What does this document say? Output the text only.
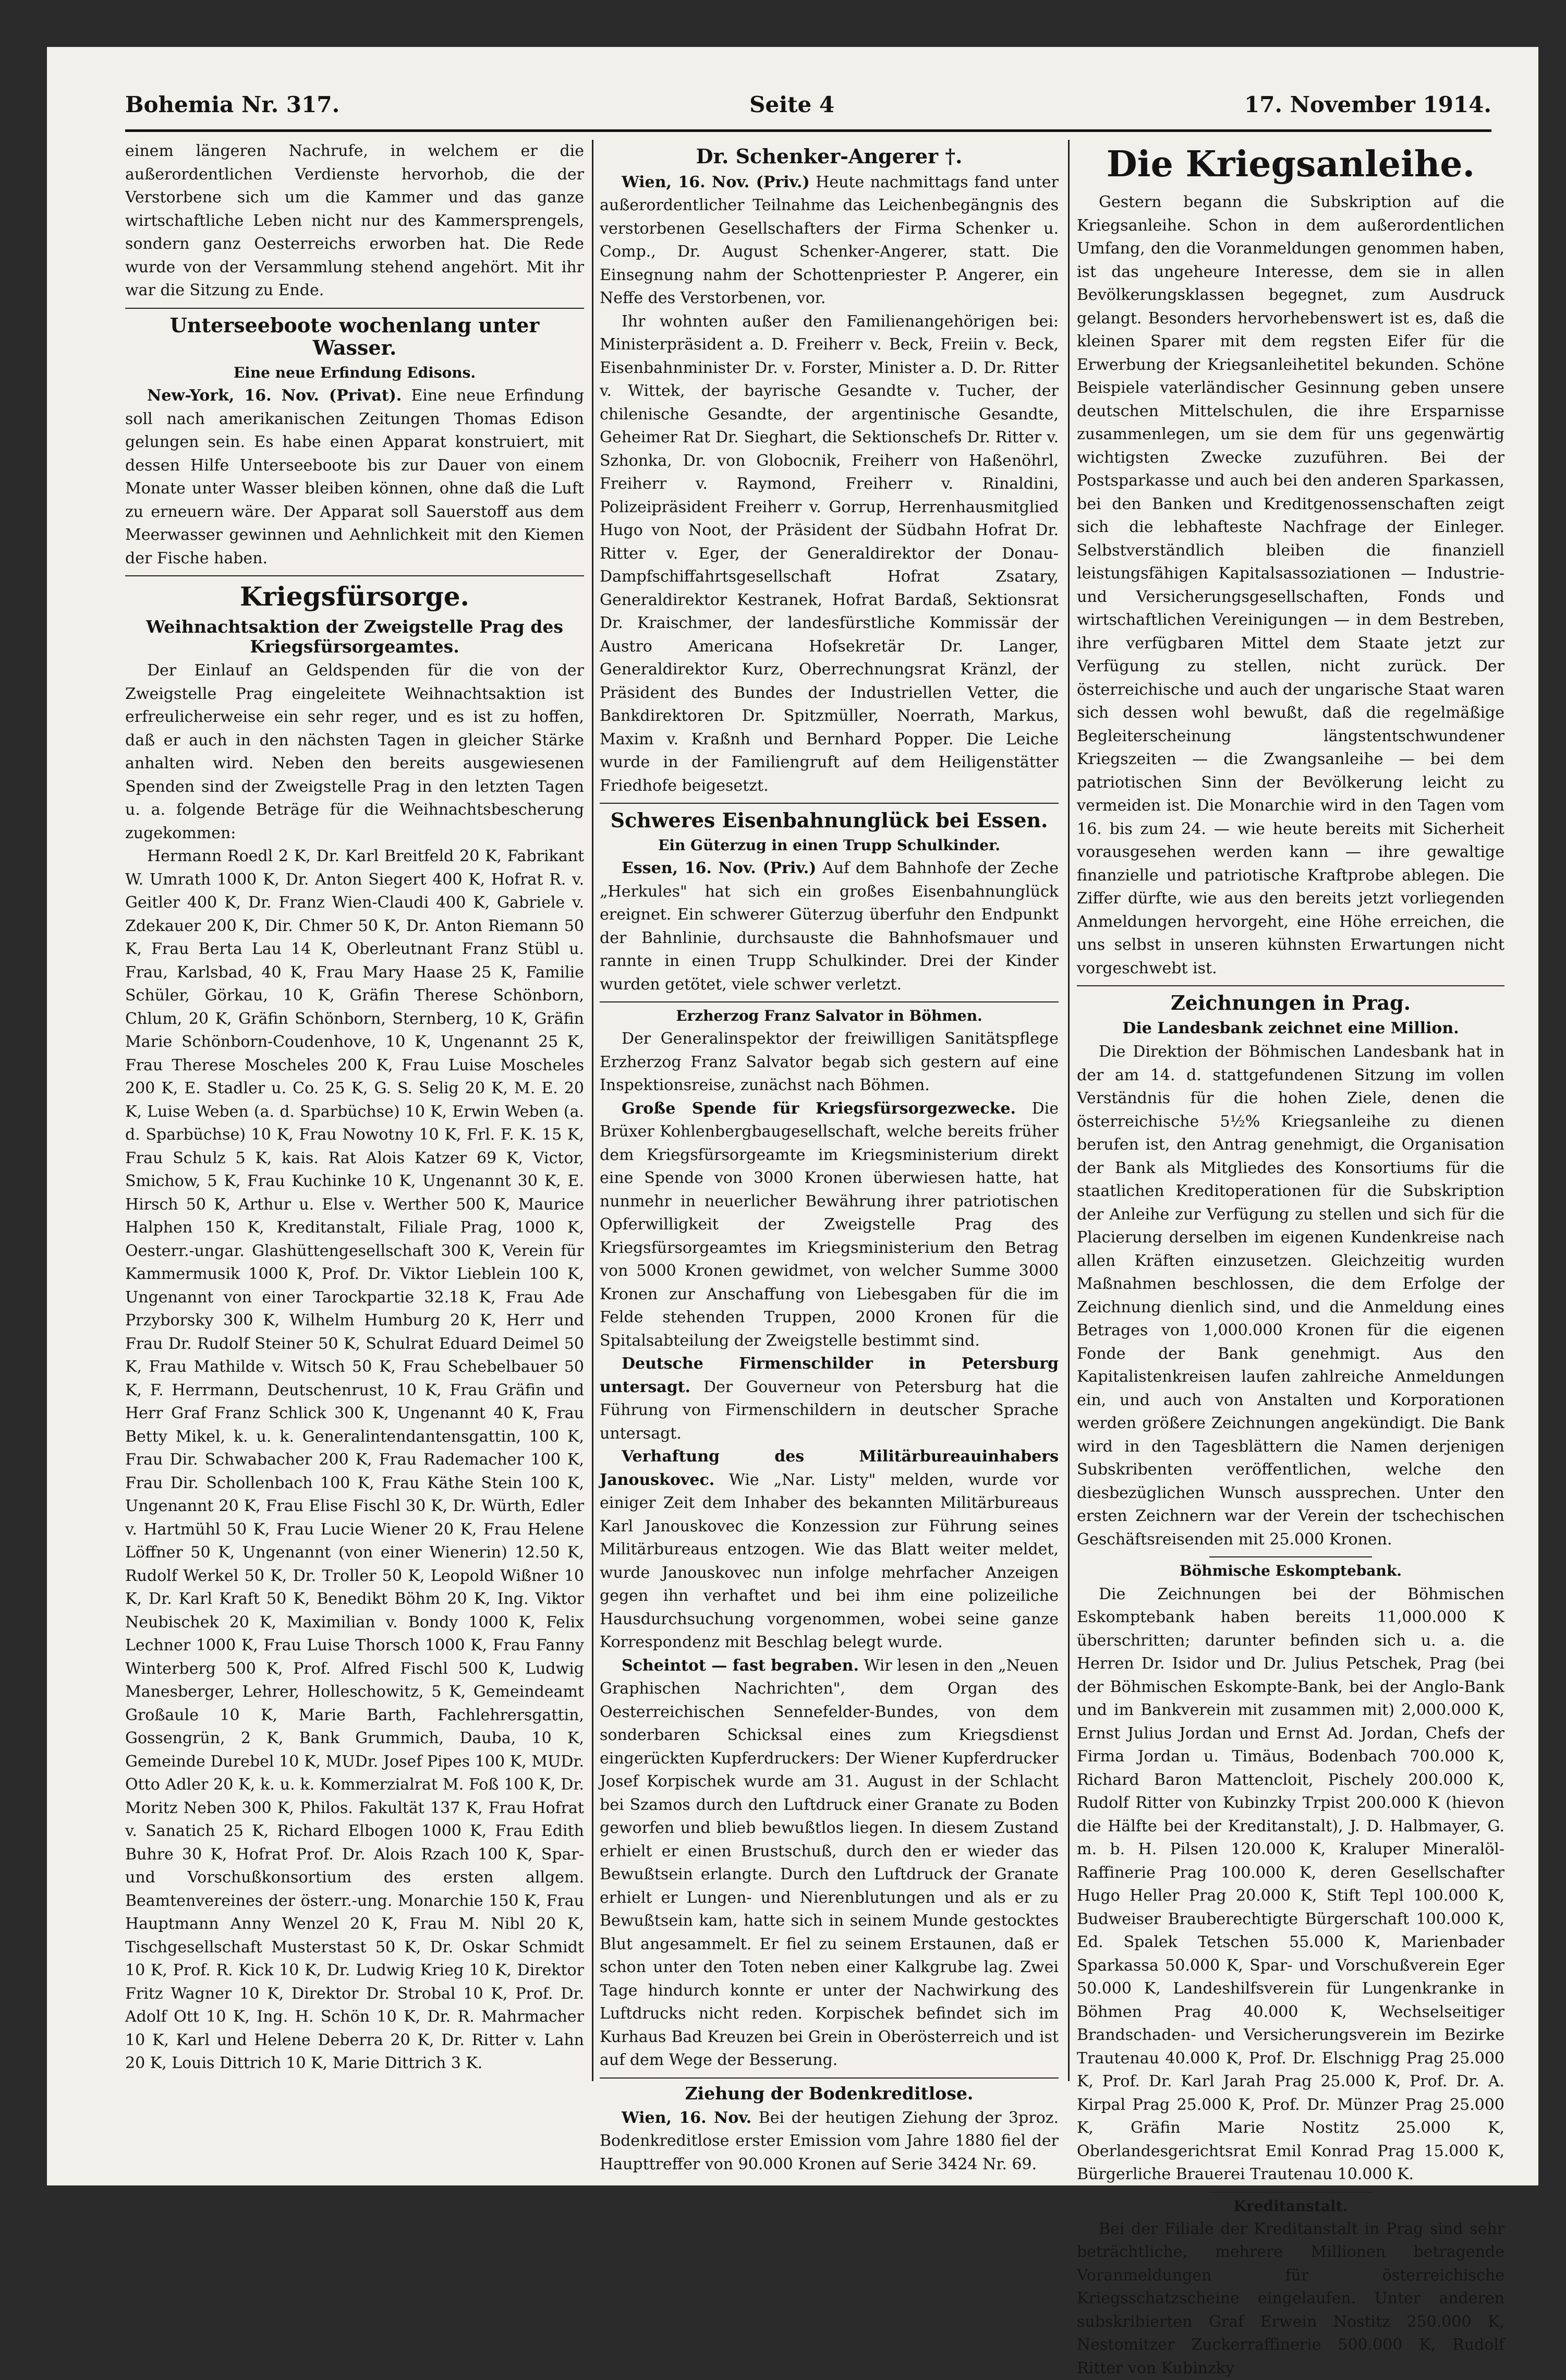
Bohemia Nr. 317.	Seite 4	17. November 1914.

einem längeren Nachrufe, in welchem er die außerordentlichen Verdienste hervorhob, die der Verstorbene sich um die Kammer und das ganze wirtschaftliche Leben nicht nur des Kammersprengels, sondern ganz Oesterreichs erworben hat. Die Rede wurde von der Versammlung stehend angehört. Mit ihr war die Sitzung zu Ende.

Unterseeboote wochenlang unter Wasser.
Eine neue Erfindung Edisons.

New-York, 16. Nov. (Privat). Eine neue Erfindung soll nach amerikanischen Zeitungen Thomas Edison gelungen sein. Es habe einen Apparat konstruiert, mit dessen Hilfe Unterseeboote bis zur Dauer von einem Monate unter Wasser bleiben können, ohne daß die Luft zu erneuern wäre. Der Apparat soll Sauerstoff aus dem Meerwasser gewinnen und Aehnlichkeit mit den Kiemen der Fische haben.

Kriegsfürsorge.
Weihnachtsaktion der Zweigstelle Prag des Kriegsfürsorgeamtes.

Der Einlauf an Geldspenden für die von der Zweigstelle Prag eingeleitete Weihnachtsaktion ist erfreulicherweise ein sehr reger, und es ist zu hoffen, daß er auch in den nächsten Tagen in gleicher Stärke anhalten wird. Neben den bereits ausgewiesenen Spenden sind der Zweigstelle Prag in den letzten Tagen u. a. folgende Beträge für die Weihnachtsbescherung zugekommen:

Hermann Roedl 2 K, Dr. Karl Breitfeld 20 K, Fabrikant W. Umrath 1000 K, Dr. Anton Siegert 400 K, Hofrat R. v. Geitler 400 K, Dr. Franz Wien-Claudi 400 K, Gabriele v. Zdekauer 200 K, Dir. Chmer 50 K, Dr. Anton Riemann 50 K, Frau Berta Lau 14 K, Oberleutnant Franz Stübl u. Frau, Karlsbad, 40 K, Frau Mary Haase 25 K, Familie Schüler, Görkau, 10 K, Gräfin Therese Schönborn, Chlum, 20 K, Gräfin Schönborn, Sternberg, 10 K, Gräfin Marie Schönborn-Coudenhove, 10 K, Ungenannt 25 K, Frau Therese Moscheles 200 K, Frau Luise Moscheles 200 K, E. Stadler u. Co. 25 K, G. S. Selig 20 K, M. E. 20 K, Luise Weben (a. d. Sparbüchse) 10 K, Erwin Weben (a. d. Sparbüchse) 10 K, Frau Nowotny 10 K, Frl. F. K. 15 K, Frau Schulz 5 K, kais. Rat Alois Katzer 69 K, Victor, Smichow, 5 K, Frau Kuchinke 10 K, Ungenannt 30 K, E. Hirsch 50 K, Arthur u. Else v. Werther 500 K, Maurice Halphen 150 K, Kreditanstalt, Filiale Prag, 1000 K, Oesterr.-ungar. Glashüttengesellschaft 300 K, Verein für Kammermusik 1000 K, Prof. Dr. Viktor Lieblein 100 K, Ungenannt von einer Tarockpartie 32.18 K, Frau Ade Przyborsky 300 K, Wilhelm Humburg 20 K, Herr und Frau Dr. Rudolf Steiner 50 K, Schulrat Eduard Deimel 50 K, Frau Mathilde v. Witsch 50 K, Frau Schebelbauer 50 K, F. Herrmann, Deutschenrust, 10 K, Frau Gräfin und Herr Graf Franz Schlick 300 K, Ungenannt 40 K, Frau Betty Mikel, k. u. k. Generalintendantensgattin, 100 K, Frau Dir. Schwabacher 200 K, Frau Rademacher 100 K, Frau Dir. Schollenbach 100 K, Frau Käthe Stein 100 K, Ungenannt 20 K, Frau Elise Fischl 30 K, Dr. Würth, Edler v. Hartmühl 50 K, Frau Lucie Wiener 20 K, Frau Helene Löffner 50 K, Ungenannt (von einer Wienerin) 12.50 K, Rudolf Werkel 50 K, Dr. Troller 50 K, Leopold Wißner 10 K, Dr. Karl Kraft 50 K, Benedikt Böhm 20 K, Ing. Viktor Neubischek 20 K, Maximilian v. Bondy 1000 K, Felix Lechner 1000 K, Frau Luise Thorsch 1000 K, Frau Fanny Winterberg 500 K, Prof. Alfred Fischl 500 K, Ludwig Manesberger, Lehrer, Holleschowitz, 5 K, Gemeindeamt Großaule 10 K, Marie Barth, Fachlehrersgattin, Gossengrün, 2 K, Bank Grummich, Dauba, 10 K, Gemeinde Durebel 10 K, MUDr. Josef Pipes 100 K, MUDr. Otto Adler 20 K, k. u. k. Kommerzialrat M. Foß 100 K, Dr. Moritz Neben 300 K, Philos. Fakultät 137 K, Frau Hofrat v. Sanatich 25 K, Richard Elbogen 1000 K, Frau Edith Buhre 30 K, Hofrat Prof. Dr. Alois Rzach 100 K, Spar- und Vorschußkonsortium des ersten allgem. Beamtenvereines der österr.-ung. Monarchie 150 K, Frau Hauptmann Anny Wenzel 20 K, Frau M. Nibl 20 K, Tischgesellschaft Musterstast 50 K, Dr. Oskar Schmidt 10 K, Prof. R. Kick 10 K, Dr. Ludwig Krieg 10 K, Direktor Fritz Wagner 10 K, Direktor Dr. Strobal 10 K, Prof. Dr. Adolf Ott 10 K, Ing. H. Schön 10 K, Dr. R. Mahrmacher 10 K, Karl und Helene Deberra 20 K, Dr. Ritter v. Lahn 20 K, Louis Dittrich 10 K, Marie Dittrich 3 K.

Dr. Schenker-Angerer †.

Wien, 16. Nov. (Priv.) Heute nachmittags fand unter außerordentlicher Teilnahme das Leichenbegängnis des verstorbenen Gesellschafters der Firma Schenker u. Comp., Dr. August Schenker-Angerer, statt. Die Einsegnung nahm der Schottenpriester P. Angerer, ein Neffe des Verstorbenen, vor.

Ihr wohnten außer den Familienangehörigen bei: Ministerpräsident a. D. Freiherr v. Beck, Freiin v. Beck, Eisenbahnminister Dr. v. Forster, Minister a. D. Dr. Ritter v. Wittek, der bayrische Gesandte v. Tucher, der chilenische Gesandte, der argentinische Gesandte, Geheimer Rat Dr. Sieghart, die Sektionschefs Dr. Ritter v. Szhonka, Dr. von Globocnik, Freiherr von Haßenöhrl, Freiherr v. Raymond, Freiherr v. Rinaldini, Polizeipräsident Freiherr v. Gorrup, Herrenhausmitglied Hugo von Noot, der Präsident der Südbahn Hofrat Dr. Ritter v. Eger, der Generaldirektor der Donau-Dampfschiffahrtsgesellschaft Hofrat Zsatary, Generaldirektor Kestranek, Hofrat Bardaß, Sektionsrat Dr. Kraischmer, der landesfürstliche Kommissär der Austro Americana Hofsekretär Dr. Langer, Generaldirektor Kurz, Oberrechnungsrat Kränzl, der Präsident des Bundes der Industriellen Vetter, die Bankdirektoren Dr. Spitzmüller, Noerrath, Markus, Maxim v. Kraßnh und Bernhard Popper. Die Leiche wurde in der Familiengruft auf dem Heiligenstätter Friedhofe beigesetzt.

Schweres Eisenbahnunglück bei Essen.
Ein Güterzug in einen Trupp Schulkinder.

Essen, 16. Nov. (Priv.) Auf dem Bahnhofe der Zeche „Herkules" hat sich ein großes Eisenbahnunglück ereignet. Ein schwerer Güterzug überfuhr den Endpunkt der Bahnlinie, durchsauste die Bahnhofsmauer und rannte in einen Trupp Schulkinder. Drei der Kinder wurden getötet, viele schwer verletzt.

Erzherzog Franz Salvator in Böhmen.

Der Generalinspektor der freiwilligen Sanitätspflege Erzherzog Franz Salvator begab sich gestern auf eine Inspektionsreise, zunächst nach Böhmen.

Große Spende für Kriegsfürsorgezwecke. Die Brüxer Kohlenbergbaugesellschaft, welche bereits früher dem Kriegsfürsorgeamte im Kriegsministerium direkt eine Spende von 3000 Kronen überwiesen hatte, hat nunmehr in neuerlicher Bewährung ihrer patriotischen Opferwilligkeit der Zweigstelle Prag des Kriegsfürsorgeamtes im Kriegsministerium den Betrag von 5000 Kronen gewidmet, von welcher Summe 3000 Kronen zur Anschaffung von Liebesgaben für die im Felde stehenden Truppen, 2000 Kronen für die Spitalsabteilung der Zweigstelle bestimmt sind.

Deutsche Firmenschilder in Petersburg untersagt. Der Gouverneur von Petersburg hat die Führung von Firmenschildern in deutscher Sprache untersagt.

Verhaftung des Militärbureauinhabers Janouskovec. Wie „Nar. Listy" melden, wurde vor einiger Zeit dem Inhaber des bekannten Militärbureaus Karl Janouskovec die Konzession zur Führung seines Militärbureaus entzogen. Wie das Blatt weiter meldet, wurde Janouskovec nun infolge mehrfacher Anzeigen gegen ihn verhaftet und bei ihm eine polizeiliche Hausdurchsuchung vorgenommen, wobei seine ganze Korrespondenz mit Beschlag belegt wurde.

Scheintot — fast begraben. Wir lesen in den „Neuen Graphischen Nachrichten", dem Organ des Oesterreichischen Sennefelder-Bundes, von dem sonderbaren Schicksal eines zum Kriegsdienst eingerückten Kupferdruckers: Der Wiener Kupferdrucker Josef Korpischek wurde am 31. August in der Schlacht bei Szamos durch den Luftdruck einer Granate zu Boden geworfen und blieb bewußtlos liegen. In diesem Zustand erhielt er einen Brustschuß, durch den er wieder das Bewußtsein erlangte. Durch den Luftdruck der Granate erhielt er Lungen- und Nierenblutungen und als er zu Bewußtsein kam, hatte sich in seinem Munde gestocktes Blut angesammelt. Er fiel zu seinem Erstaunen, daß er schon unter den Toten neben einer Kalkgrube lag. Zwei Tage hindurch konnte er unter der Nachwirkung des Luftdrucks nicht reden. Korpischek befindet sich im Kurhaus Bad Kreuzen bei Grein in Oberösterreich und ist auf dem Wege der Besserung.

Ziehung der Bodenkreditlose.

Wien, 16. Nov. Bei der heutigen Ziehung der 3proz. Bodenkreditlose erster Emission vom Jahre 1880 fiel der Haupttreffer von 90.000 Kronen auf Serie 3424 Nr. 69.

Die Kriegsanleihe.

Gestern begann die Subskription auf die Kriegsanleihe. Schon in dem außerordentlichen Umfang, den die Voranmeldungen genommen haben, ist das ungeheure Interesse, dem sie in allen Bevölkerungsklassen begegnet, zum Ausdruck gelangt. Besonders hervorhebenswert ist es, daß die kleinen Sparer mit dem regsten Eifer für die Erwerbung der Kriegsanleihetitel bekunden. Schöne Beispiele vaterländischer Gesinnung geben unsere deutschen Mittelschulen, die ihre Ersparnisse zusammenlegen, um sie dem für uns gegenwärtig wichtigsten Zwecke zuzuführen. Bei der Postsparkasse und auch bei den anderen Sparkassen, bei den Banken und Kreditgenossenschaften zeigt sich die lebhafteste Nachfrage der Einleger. Selbstverständlich bleiben die finanziell leistungsfähigen Kapitalsassoziationen — Industrie- und Versicherungsgesellschaften, Fonds und wirtschaftlichen Vereinigungen — in dem Bestreben, ihre verfügbaren Mittel dem Staate jetzt zur Verfügung zu stellen, nicht zurück. Der österreichische und auch der ungarische Staat waren sich dessen wohl bewußt, daß die regelmäßige Begleiterscheinung längstentschwundener Kriegszeiten — die Zwangsanleihe — bei dem patriotischen Sinn der Bevölkerung leicht zu vermeiden ist. Die Monarchie wird in den Tagen vom 16. bis zum 24. — wie heute bereits mit Sicherheit vorausgesehen werden kann — ihre gewaltige finanzielle und patriotische Kraftprobe ablegen. Die Ziffer dürfte, wie aus den bereits jetzt vorliegenden Anmeldungen hervorgeht, eine Höhe erreichen, die uns selbst in unseren kühnsten Erwartungen nicht vorgeschwebt ist.

Zeichnungen in Prag.
Die Landesbank zeichnet eine Million.

Die Direktion der Böhmischen Landesbank hat in der am 14. d. stattgefundenen Sitzung im vollen Verständnis für die hohen Ziele, denen die österreichische 5½% Kriegsanleihe zu dienen berufen ist, den Antrag genehmigt, die Organisation der Bank als Mitgliedes des Konsortiums für die staatlichen Kreditoperationen für die Subskription der Anleihe zur Verfügung zu stellen und sich für die Placierung derselben im eigenen Kundenkreise nach allen Kräften einzusetzen. Gleichzeitig wurden Maßnahmen beschlossen, die dem Erfolge der Zeichnung dienlich sind, und die Anmeldung eines Betrages von 1,000.000 Kronen für die eigenen Fonde der Bank genehmigt. Aus den Kapitalistenkreisen laufen zahlreiche Anmeldungen ein, und auch von Anstalten und Korporationen werden größere Zeichnungen angekündigt. Die Bank wird in den Tagesblättern die Namen derjenigen Subskribenten veröffentlichen, welche den diesbezüglichen Wunsch aussprechen. Unter den ersten Zeichnern war der Verein der tschechischen Geschäftsreisenden mit 25.000 Kronen.

Böhmische Eskomptebank.

Die Zeichnungen bei der Böhmischen Eskomptebank haben bereits 11,000.000 K überschritten; darunter befinden sich u. a. die Herren Dr. Isidor und Dr. Julius Petschek, Prag (bei der Böhmischen Eskompte-Bank, bei der Anglo-Bank und im Bankverein mit zusammen mit) 2,000.000 K, Ernst Julius Jordan und Ernst Ad. Jordan, Chefs der Firma Jordan u. Timäus, Bodenbach 700.000 K, Richard Baron Mattencloit, Pischely 200.000 K, Rudolf Ritter von Kubinzky Trpist 200.000 K (hievon die Hälfte bei der Kreditanstalt), J. D. Halbmayer, G. m. b. H. Pilsen 120.000 K, Kraluper Mineralöl-Raffinerie Prag 100.000 K, deren Gesellschafter Hugo Heller Prag 20.000 K, Stift Tepl 100.000 K, Budweiser Brauberechtigte Bürgerschaft 100.000 K, Ed. Spalek Tetschen 55.000 K, Marienbader Sparkassa 50.000 K, Spar- und Vorschußverein Eger 50.000 K, Landeshilfsverein für Lungenkranke in Böhmen Prag 40.000 K, Wechselseitiger Brandschaden- und Versicherungsverein im Bezirke Trautenau 40.000 K, Prof. Dr. Elschnigg Prag 25.000 K, Prof. Dr. Karl Jarah Prag 25.000 K, Prof. Dr. A. Kirpal Prag 25.000 K, Prof. Dr. Münzer Prag 25.000 K, Gräfin Marie Nostitz 25.000 K, Oberlandesgerichtsrat Emil Konrad Prag 15.000 K, Bürgerliche Brauerei Trautenau 10.000 K.

Kreditanstalt.

Bei der Filiale der Kreditanstalt in Prag sind sehr beträchtliche, mehrere Millionen betragende Voranmeldungen für österreichische Kriegsschatzscheine eingelaufen. Unter anderen subskribierten Graf Erwein Nostitz 250.000 K, Nestomitzer Zuckerraffinerie 500.000 K, Rudolf Ritter von Kubinzky
